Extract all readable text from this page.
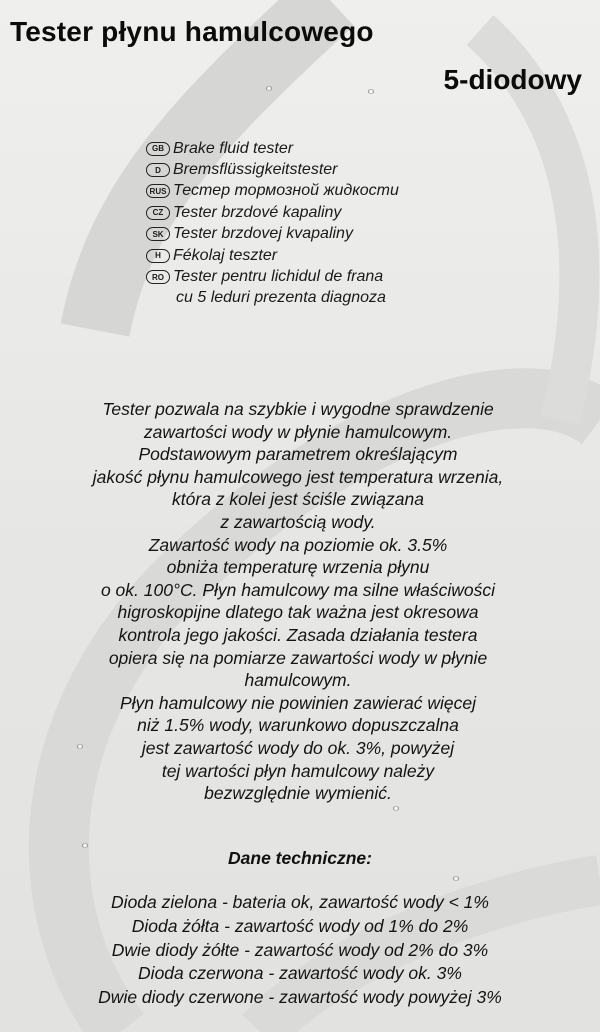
Tester płynu hamulcowego
5-diodowy
GB Brake fluid tester
D Bremsflüssigkeitstester
RUS Тестер тормозной жидкости
CZ Tester brzdové kapaliny
SK Tester brzdovej kvapaliny
H Fékolaj teszter
RO Tester pentru lichidul de frana
cu 5 leduri prezenta diagnoza

Tester pozwala na szybkie i wygodne sprawdzenie
zawartości wody w płynie hamulcowym.
Podstawowym parametrem określającym
jakość płynu hamulcowego jest temperatura wrzenia,
która z kolei jest ściśle związana
z zawartością wody.
Zawartość wody na poziomie ok. 3.5%
obniża temperaturę wrzenia płynu
o ok. 100°C. Płyn hamulcowy ma silne właściwości
higroskopijne dlatego tak ważna jest okresowa
kontrola jego jakości. Zasada działania testera
opiera się na pomiarze zawartości wody w płynie
hamulcowym.
Płyn hamulcowy nie powinien zawierać więcej
niż 1.5% wody, warunkowo dopuszczalna
jest zawartość wody do ok. 3%, powyżej
tej wartości płyn hamulcowy należy
bezwzględnie wymienić.

Dane techniczne:

Dioda zielona - bateria ok, zawartość wody < 1%
Dioda żółta - zawartość wody od 1% do 2%
Dwie diody żółte - zawartość wody od 2% do 3%
Dioda czerwona - zawartość wody ok. 3%
Dwie diody czerwone - zawartość wody powyżej 3%
